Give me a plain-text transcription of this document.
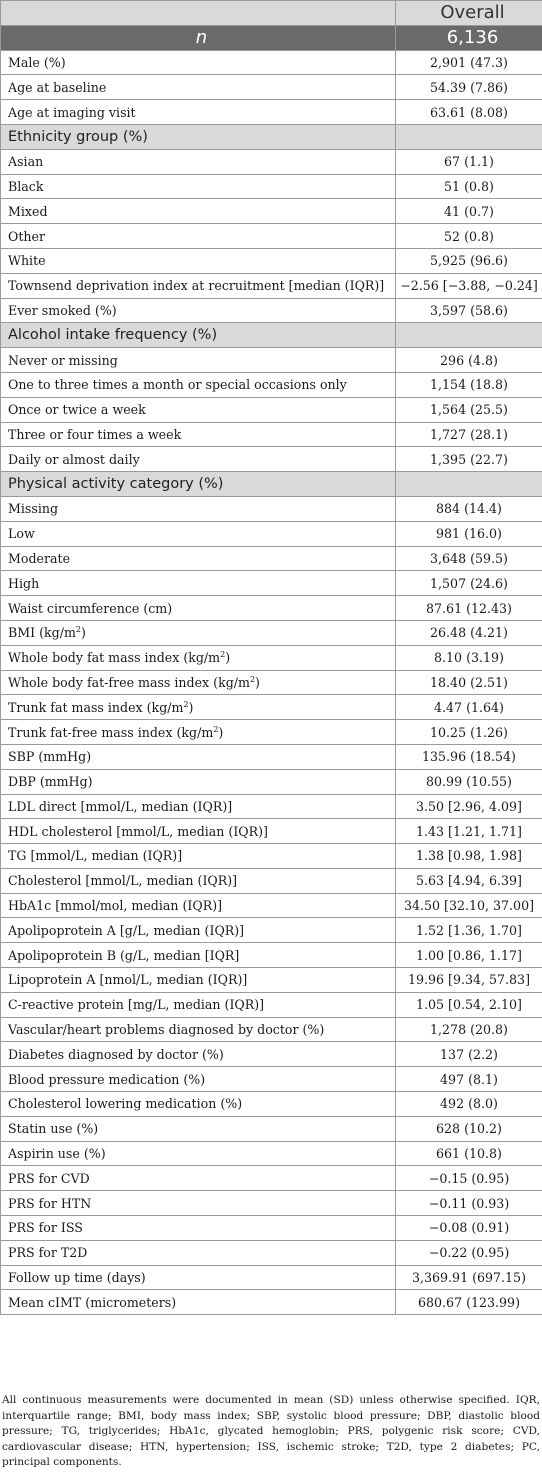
	Overall
n	6,136
Male (%)	2,901 (47.3)
Age at baseline	54.39 (7.86)
Age at imaging visit	63.61 (8.08)
Ethnicity group (%)	
Asian	67 (1.1)
Black	51 (0.8)
Mixed	41 (0.7)
Other	52 (0.8)
White	5,925 (96.6)
Townsend deprivation index at recruitment [median (IQR)]	−2.56 [−3.88, −0.24]
Ever smoked (%)	3,597 (58.6)
Alcohol intake frequency (%)	
Never or missing	296 (4.8)
One to three times a month or special occasions only	1,154 (18.8)
Once or twice a week	1,564 (25.5)
Three or four times a week	1,727 (28.1)
Daily or almost daily	1,395 (22.7)
Physical activity category (%)	
Missing	884 (14.4)
Low	981 (16.0)
Moderate	3,648 (59.5)
High	1,507 (24.6)
Waist circumference (cm)	87.61 (12.43)
BMI $(kg/m^2)$	26.48 (4.21)
Whole body fat mass index $(kg/m^2)$	8.10 (3.19)
Whole body fat-free mass index $(kg/m^2)$	18.40 (2.51)
Trunk fat mass index $(kg/m^2)$	4.47 (1.64)
Trunk fat-free mass index $(kg/m^2)$	10.25 (1.26)
SBP (mmHg)	135.96 (18.54)
DBP (mmHg)	80.99 (10.55)
LDL direct [mmol/L, median (IQR)]	3.50 [2.96, 4.09]
HDL cholesterol [mmol/L, median (IQR)]	1.43 [1.21, 1.71]
TG [mmol/L, median (IQR)]	1.38 [0.98, 1.98]
Cholesterol [mmol/L, median (IQR)]	5.63 [4.94, 6.39]
HbA1c [mmol/mol, median (IQR)]	34.50 [32.10, 37.00]
Apolipoprotein A [g/L, median (IQR)]	1.52 [1.36, 1.70]
Apolipoprotein B (g/L, median [IQR]	1.00 [0.86, 1.17]
Lipoprotein A [nmol/L, median (IQR)]	19.96 [9.34, 57.83]
C-reactive protein [mg/L, median (IQR)]	1.05 [0.54, 2.10]
Vascular/heart problems diagnosed by doctor (%)	1,278 (20.8)
Diabetes diagnosed by doctor (%)	137 (2.2)
Blood pressure medication (%)	497 (8.1)
Cholesterol lowering medication (%)	492 (8.0)
Statin use (%)	628 (10.2)
Aspirin use (%)	661 (10.8)
PRS for CVD	−0.15 (0.95)
PRS for HTN	−0.11 (0.93)
PRS for ISS	−0.08 (0.91)
PRS for T2D	−0.22 (0.95)
Follow up time (days)	3,369.91 (697.15)
Mean cIMT (micrometers)	680.67 (123.99)

All continuous measurements were documented in mean (SD) unless otherwise specified. IQR, interquartile range; BMI, body mass index; SBP, systolic blood pressure; DBP, diastolic blood pressure; TG, triglycerides; HbA1c, glycated hemoglobin; PRS, polygenic risk score; CVD, cardiovascular disease; HTN, hypertension; ISS, ischemic stroke; T2D, type 2 diabetes; PC, principal components.
